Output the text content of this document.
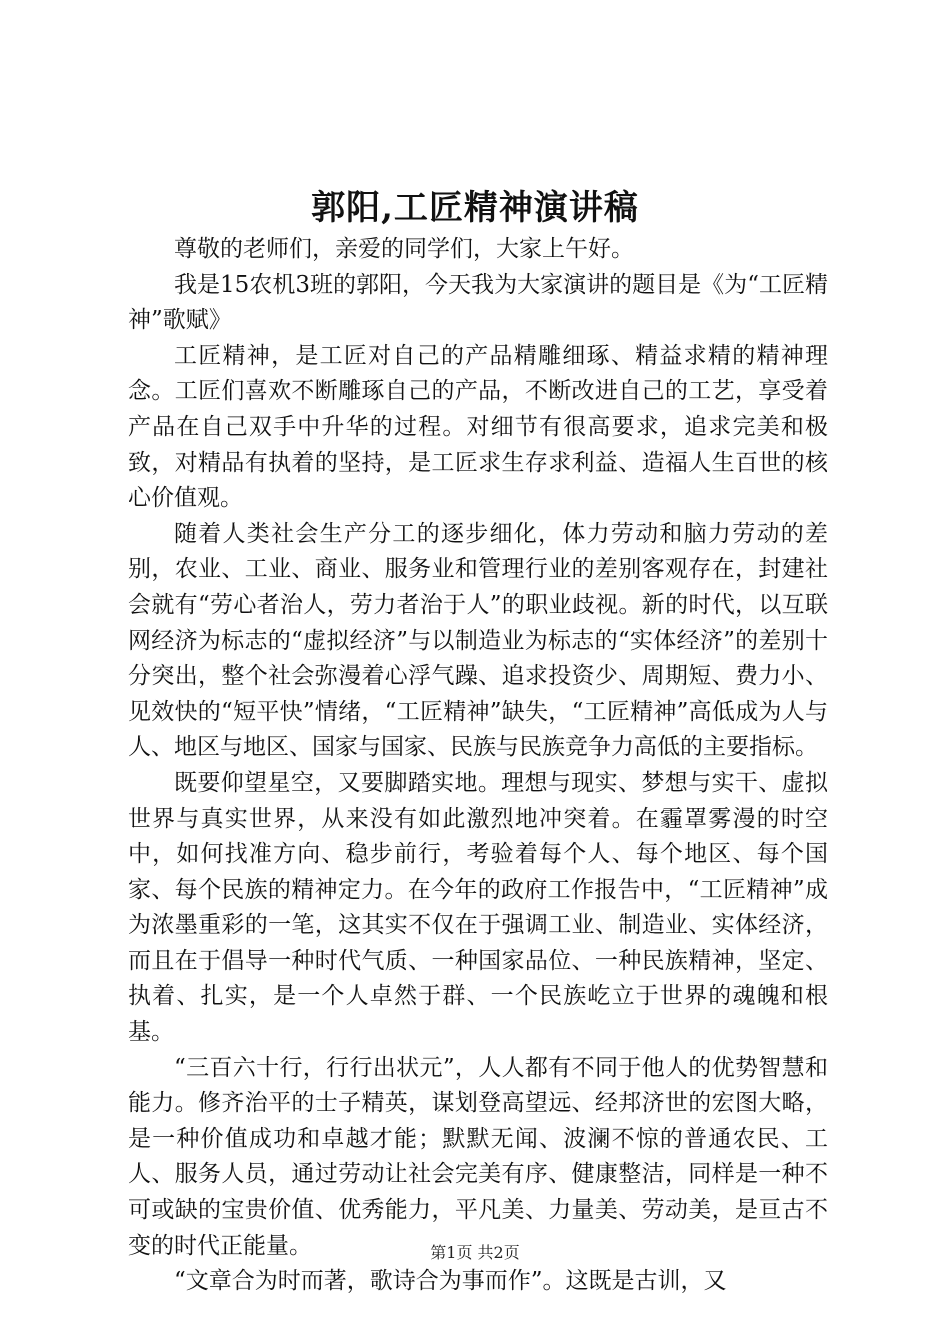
郭阳,工匠精神演讲稿

尊敬的老师们，亲爱的同学们，大家上午好。

我是15农机3班的郭阳，今天我为大家演讲的题目是《为“工匠精神”歌赋》

工匠精神，是工匠对自己的产品精雕细琢、精益求精的精神理念。工匠们喜欢不断雕琢自己的产品，不断改进自己的工艺，享受着产品在自己双手中升华的过程。对细节有很高要求，追求完美和极致，对精品有执着的坚持，是工匠求生存求利益、造福人生百世的核心价值观。

随着人类社会生产分工的逐步细化，体力劳动和脑力劳动的差别，农业、工业、商业、服务业和管理行业的差别客观存在，封建社会就有“劳心者治人，劳力者治于人”的职业歧视。新的时代，以互联网经济为标志的“虚拟经济”与以制造业为标志的“实体经济”的差别十分突出，整个社会弥漫着心浮气躁、追求投资少、周期短、费力小、见效快的“短平快”情绪，“工匠精神”缺失，“工匠精神”高低成为人与人、地区与地区、国家与国家、民族与民族竞争力高低的主要指标。

既要仰望星空，又要脚踏实地。理想与现实、梦想与实干、虚拟世界与真实世界，从来没有如此激烈地冲突着。在霾罩雾漫的时空中，如何找准方向、稳步前行，考验着每个人、每个地区、每个国家、每个民族的精神定力。在今年的政府工作报告中，“工匠精神”成为浓墨重彩的一笔，这其实不仅在于强调工业、制造业、实体经济，而且在于倡导一种时代气质、一种国家品位、一种民族精神，坚定、执着、扎实，是一个人卓然于群、一个民族屹立于世界的魂魄和根基。

“三百六十行，行行出状元”，人人都有不同于他人的优势智慧和能力。修齐治平的士子精英，谋划登高望远、经邦济世的宏图大略，是一种价值成功和卓越才能；默默无闻、波澜不惊的普通农民、工人、服务人员，通过劳动让社会完美有序、健康整洁，同样是一种不可或缺的宝贵价值、优秀能力，平凡美、力量美、劳动美，是亘古不变的时代正能量。

“文章合为时而著，歌诗合为事而作”。这既是古训，又

第1页 共2页
